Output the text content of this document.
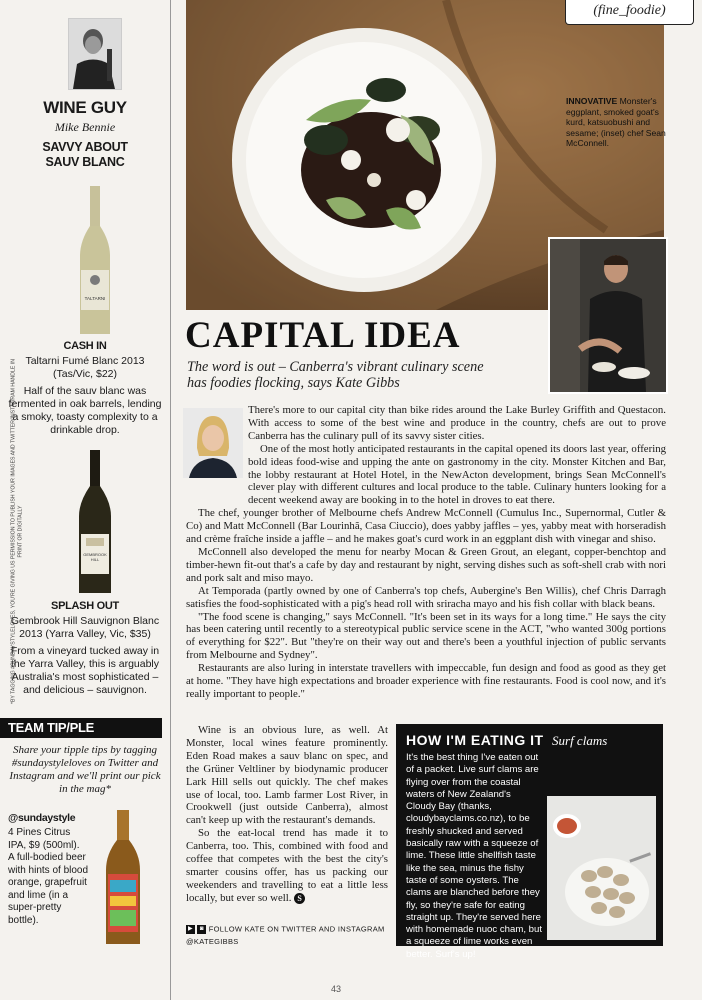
WINE GUY
Mike Bennie
SAVVY ABOUT SAUV BLANC
TALTARNI
CASH IN
Taltarni Fumé Blanc 2013 (Tas/Vic, $22)
Half of the sauv blanc was fermented in oak barrels, lending a smoky, toasty complexity to a drinkable drop.
GEMBROOK HILL
SPLASH OUT
Gembrook Hill Sauvignon Blanc 2013 (Yarra Valley, Vic, $35)
From a vineyard tucked away in the Yarra Valley, this is arguably Australia's most sophisticated – and delicious – sauvignon.
TEAM TIP/PLE
Share your tipple tips by tagging #sundaystyleloves on Twitter and Instagram and we'll print our pick in the mag*
@sundaystyle
4 Pines Citrus IPA, $9 (500ml).
A full-bodied beer with hints of blood orange, grapefruit and lime (in a super-pretty bottle).
*BY TAGGING #SUNDAYSTYLELOVES, YOU'RE GIVING US PERMISSION TO PUBLISH YOUR IMAGES AND TWITTER/INSTAGRAM HANDLE IN PRINT OR DIGITALLY
(fine_foodie)
INNOVATIVE Monster's eggplant, smoked goat's kurd, katsuobushi and sesame; (inset) chef Sean McConnell.
CAPITAL IDEA
The word is out – Canberra's vibrant culinary scene has foodies flocking, says Kate Gibbs

There's more to our capital city than bike rides around the Lake Burley Griffith and Questacon. With access to some of the best wine and produce in the country, chefs are out to prove Canberra has the culinary pull of its savvy sister cities.

One of the most hotly anticipated restaurants in the capital opened its doors last year, offering bold ideas food-wise and upping the ante on gastronomy in the city. Monster Kitchen and Bar, the lobby restaurant at Hotel Hotel, in the NewActon development, brings Sean McConnell's clever play with different cultures and local produce to the table. Culinary hunters looking for a decent weekend away are booking in to the hotel in droves to eat there.

The chef, younger brother of Melbourne chefs Andrew McConnell (Cumulus Inc., Supernormal, Cutler & Co) and Matt McConnell (Bar Lourinhã, Casa Ciuccio), does yabby jaffles – yes, yabby meat with horseradish and crème fraîche inside a jaffle – and he makes goat's curd work in an eggplant dish with vinegar and shiso.

McConnell also developed the menu for nearby Mocan & Green Grout, an elegant, copper-benchtop and timber-hewn fit-out that's a cafe by day and restaurant by night, serving dishes such as soft-shell crab with nori and pork salt and miso mayo.

At Temporada (partly owned by one of Canberra's top chefs, Aubergine's Ben Willis), chef Chris Darragh satisfies the food-sophisticated with a pig's head roll with sriracha mayo and his fish collar with black beans.

"The food scene is changing," says McConnell. "It's been set in its ways for a long time." He says the city has been catering until recently to a stereotypical public service scene in the ACT, "who wanted 300g portions of everything for $22". But "they're on their way out and there's been a youthful injection of public servants from Melbourne and Sydney".

Restaurants are also luring in interstate travellers with impeccable, fun design and food as good as they get at home. "They have high expectations and broader experience with fine restaurants. Food is cool now, and it's really important to people."

Wine is an obvious lure, as well. At Monster, local wines feature prominently. Eden Road makes a sauv blanc on spec, and the Grüner Veltliner by biodynamic producer Lark Hill sells out quickly. The chef makes use of local, too. Lamb farmer Lost River, in Crookwell (just outside Canberra), almost can't keep up with the restaurant's demands.

So the eat-local trend has made it to Canberra, too. This, combined with food and coffee that competes with the best the city's smarter cousins offer, has us packing our weekenders and travelling to eat a little less locally, but ever so well. S

▶ ◙ FOLLOW KATE ON TWITTER AND INSTAGRAM
@KATEGIBBS
HOW I'M EATING IT Surf clams
It's the best thing I've eaten out of a packet. Live surf clams are flying over from the coastal waters of New Zealand's Cloudy Bay (thanks, cloudybayclams.co.nz), to be freshly shucked and served basically raw with a squeeze of lime. These little shellfish taste like the sea, minus the fishy taste of some oysters. The clams are blanched before they fly, so they're safe for eating straight up. They're served here with homemade nuoc cham, but a squeeze of lime works even better. Surf's up!
43
